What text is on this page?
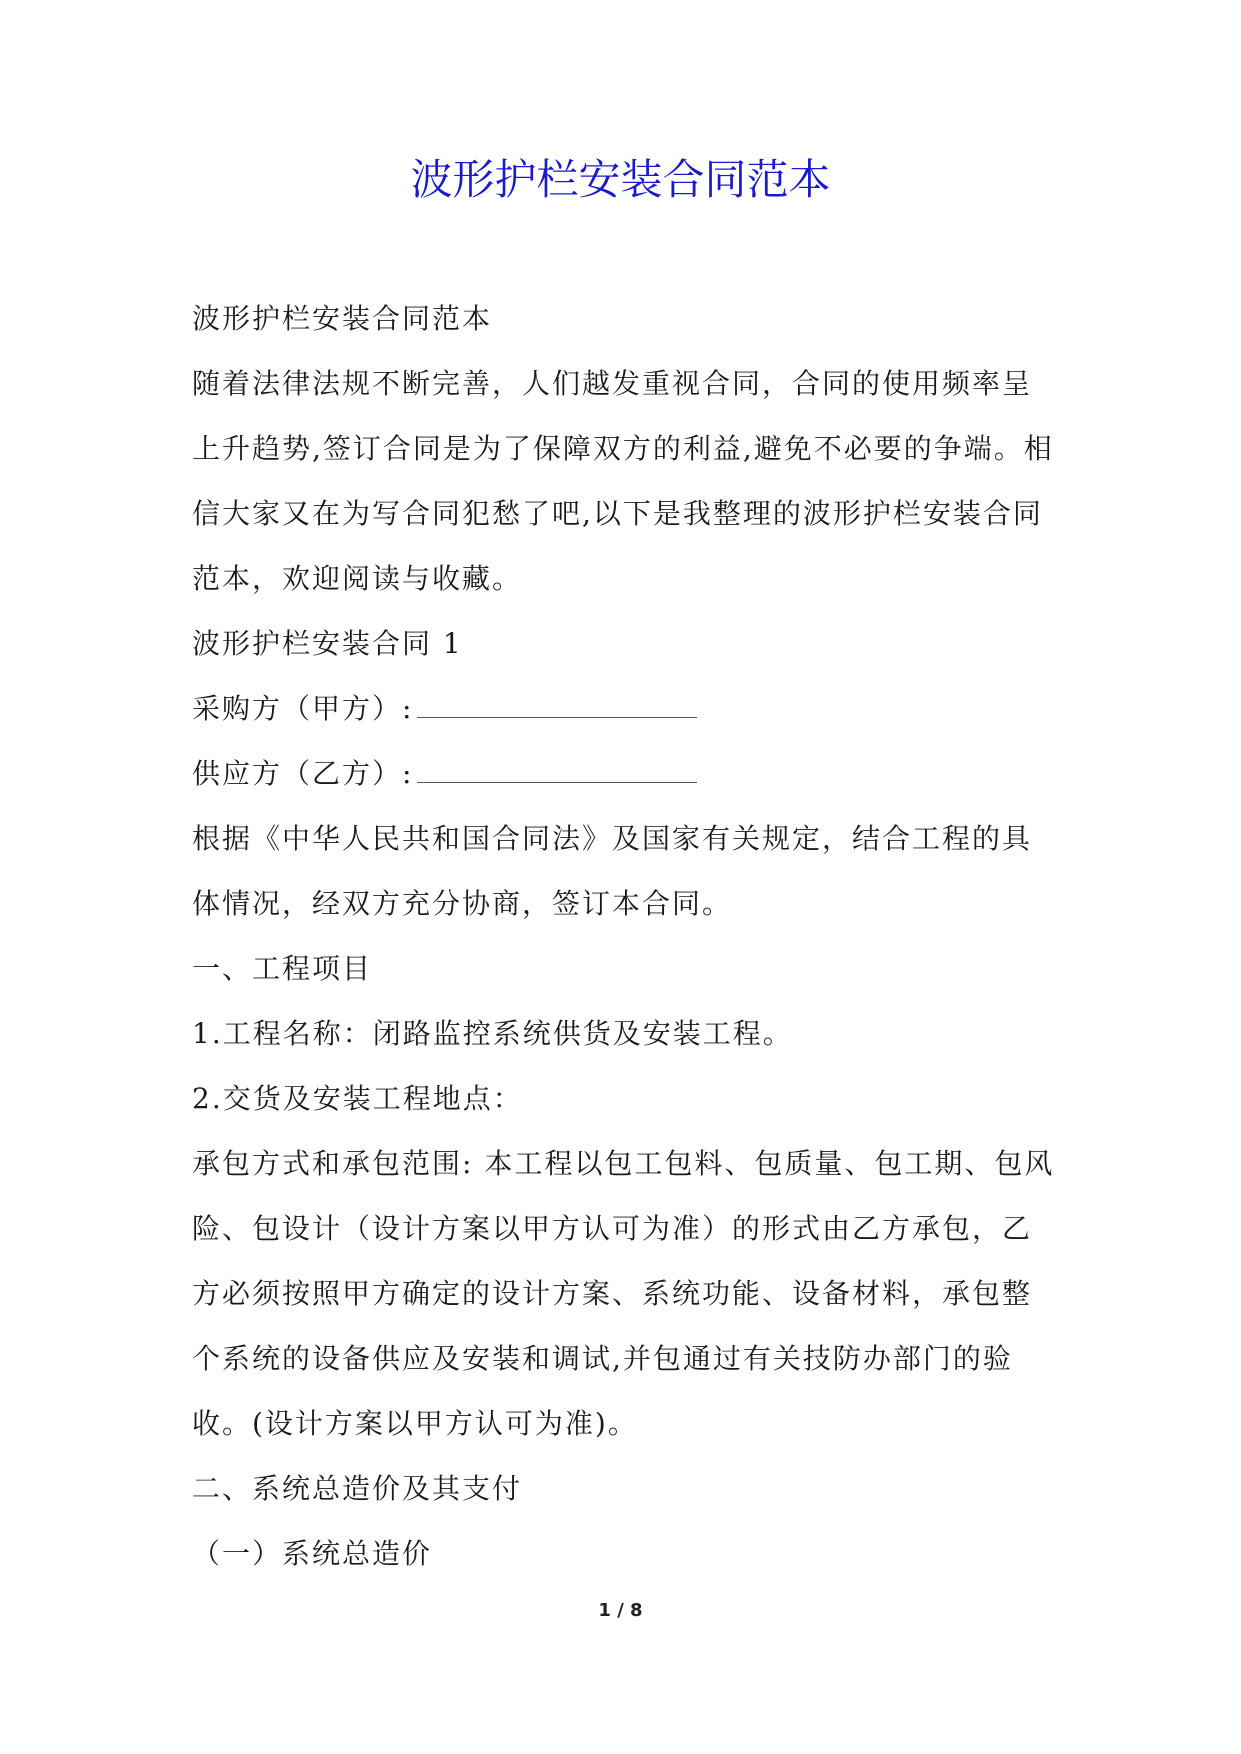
波形护栏安装合同范本

波形护栏安装合同范本

随着法律法规不断完善，人们越发重视合同，合同的使用频率呈上升趋势,签订合同是为了保障双方的利益,避免不必要的争端。相信大家又在为写合同犯愁了吧,以下是我整理的波形护栏安装合同范本，欢迎阅读与收藏。

波形护栏安装合同 1

采购方（甲方）:

供应方（乙方）:

根据《中华人民共和国合同法》及国家有关规定，结合工程的具体情况，经双方充分协商，签订本合同。

一、工程项目

1.工程名称：闭路监控系统供货及安装工程。

2.交货及安装工程地点：

承包方式和承包范围: 本工程以包工包料、包质量、包工期、包风险、包设计（设计方案以甲方认可为准）的形式由乙方承包，乙方必须按照甲方确定的设计方案、系统功能、设备材料，承包整个系统的设备供应及安装和调试,并包通过有关技防办部门的验收。(设计方案以甲方认可为准)。

二、系统总造价及其支付

（一）系统总造价

1 / 8
